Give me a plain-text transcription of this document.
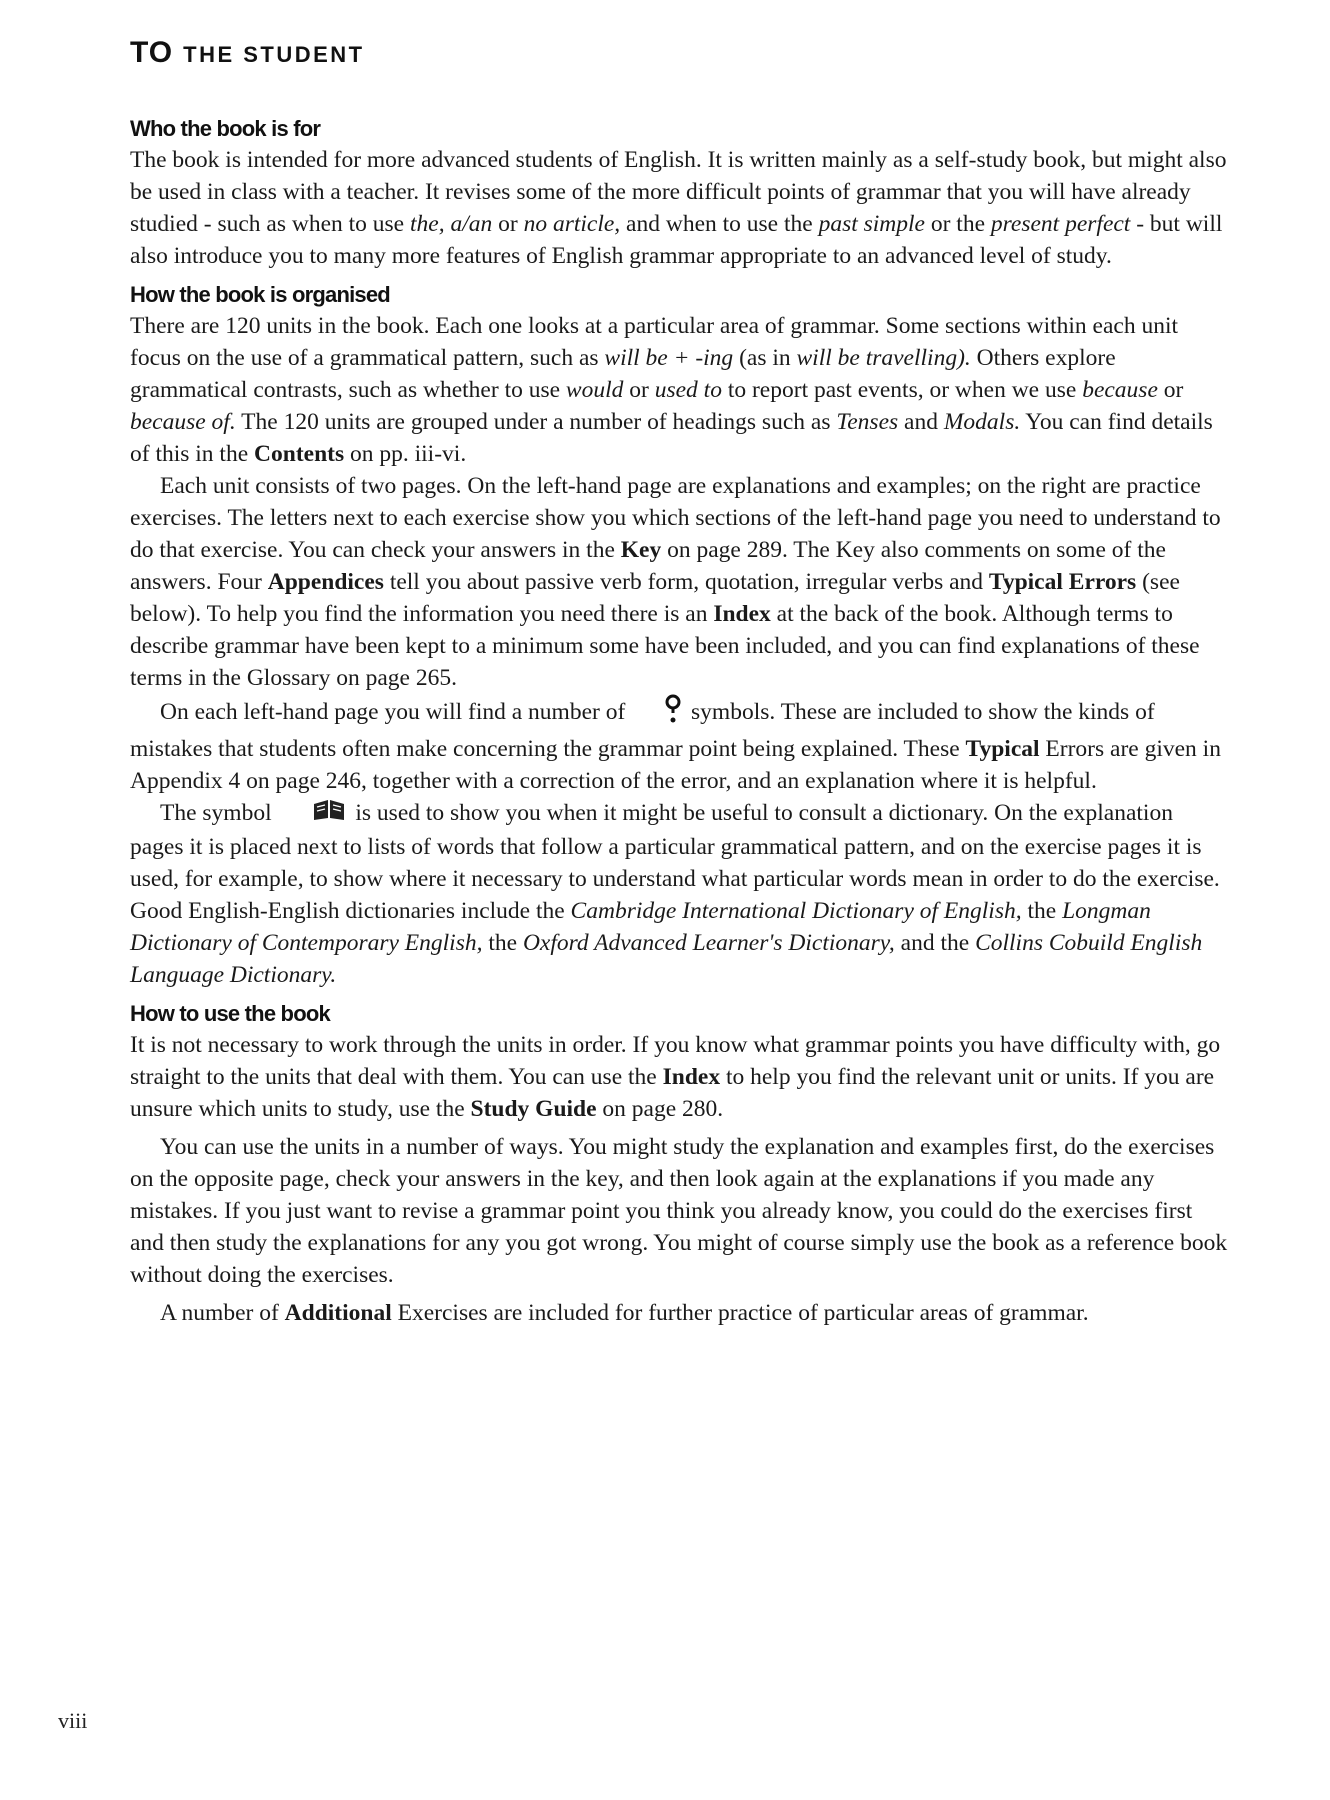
TO THE STUDENT
Who the book is for

The book is intended for more advanced students of English. It is written mainly as a self-study book, but might also be used in class with a teacher. It revises some of the more difficult points of grammar that you will have already studied - such as when to use the, a/an or no article, and when to use the past simple or the present perfect - but will also introduce you to many more features of English grammar appropriate to an advanced level of study.

How the book is organised

There are 120 units in the book. Each one looks at a particular area of grammar. Some sections within each unit focus on the use of a grammatical pattern, such as will be + -ing (as in will be travelling). Others explore grammatical contrasts, such as whether to use would or used to to report past events, or when we use because or because of. The 120 units are grouped under a number of headings such as Tenses and Modals. You can find details of this in the Contents on pp. iii-vi.

Each unit consists of two pages. On the left-hand page are explanations and examples; on the right are practice exercises. The letters next to each exercise show you which sections of the left-hand page you need to understand to do that exercise. You can check your answers in the Key on page 289. The Key also comments on some of the answers. Four Appendices tell you about passive verb form, quotation, irregular verbs and Typical Errors (see below). To help you find the information you need there is an Index at the back of the book. Although terms to describe grammar have been kept to a minimum some have been included, and you can find explanations of these terms in the Glossary on page 265.

On each left-hand page you will find a number of  symbols. These are included to show the kinds of mistakes that students often make concerning the grammar point being explained. These Typical Errors are given in Appendix 4 on page 246, together with a correction of the error, and an explanation where it is helpful.

The symbol	is used to show you when it might be useful to consult a dictionary. On the explanation pages it is placed next to lists of words that follow a particular grammatical pattern, and on the exercise pages it is used, for example, to show where it necessary to understand what particular words mean in order to do the exercise. Good English-English dictionaries include the Cambridge International Dictionary of English, the Longman Dictionary of Contemporary English, the Oxford Advanced Learner's Dictionary, and the Collins Cobuild English Language Dictionary.

How to use the book

It is not necessary to work through the units in order. If you know what grammar points you have difficulty with, go straight to the units that deal with them. You can use the Index to help you find the relevant unit or units. If you are unsure which units to study, use the Study Guide on page 280.

You can use the units in a number of ways. You might study the explanation and examples first, do the exercises on the opposite page, check your answers in the key, and then look again at the explanations if you made any mistakes. If you just want to revise a grammar point you think you already know, you could do the exercises first and then study the explanations for any you got wrong. You might of course simply use the book as a reference book without doing the exercises.

A number of Additional Exercises are included for further practice of particular areas of grammar.

viii
